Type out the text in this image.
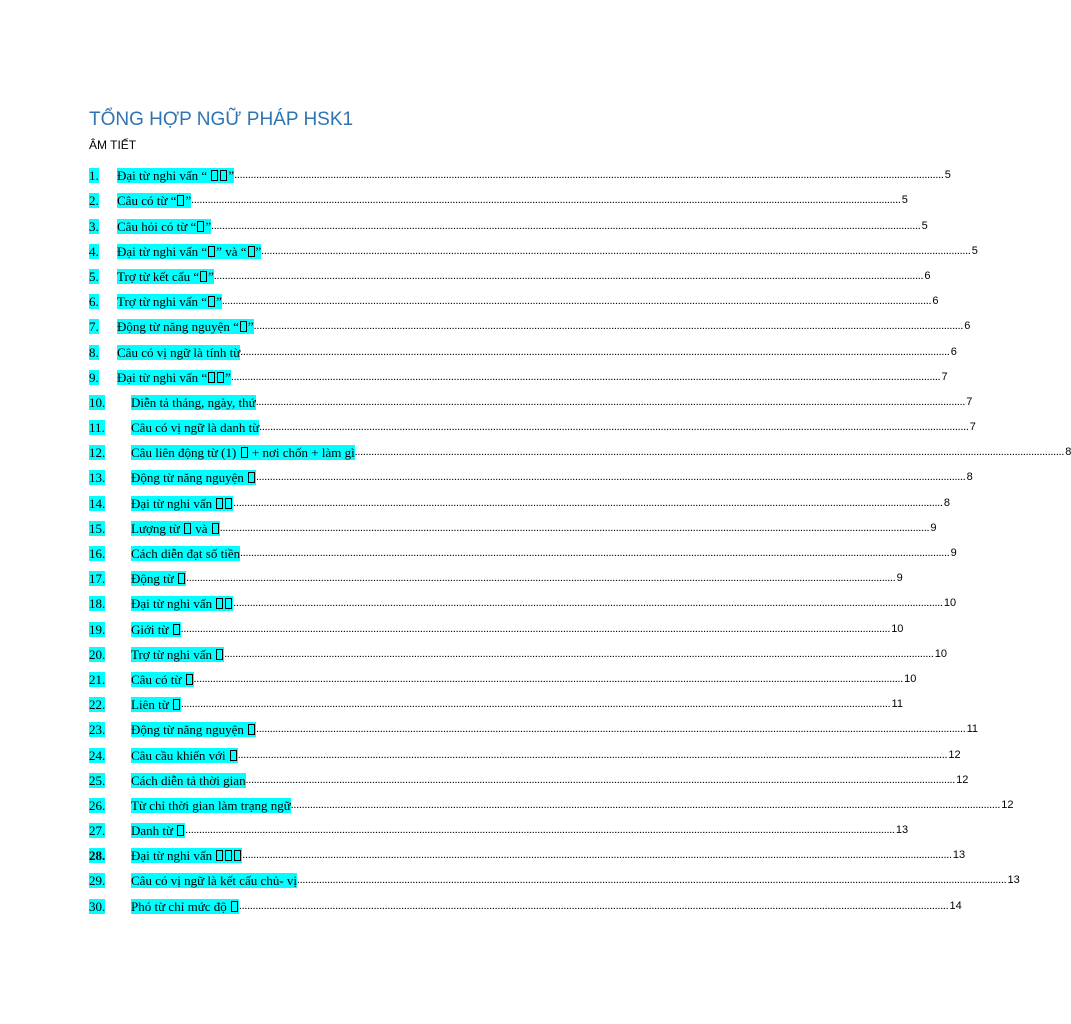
TỔNG HỢP NGỮ PHÁP HSK1
ÂM TIẾT
1.	Đại từ nghi vấn “ ” .....	5
2.	Câu có từ “ ” .....	5
3.	Câu hỏi có từ “ ” .....	5
4.	Đại từ nghi vấn “ ” và “ ” .....	5
5.	Trợ từ kết cấu “ ” .....	6
6.	Trợ từ nghi vấn “ ” .....	6
7.	Động từ năng nguyện “ ” .....	6
8.	Câu có vị ngữ là tính từ .....	6
9.	Đại từ nghi vấn “ ” .....	7
10.	Diễn tả tháng, ngày, thứ .....	7
11.	Câu có vị ngữ là danh từ .....	7
12.	Câu liên động từ (1) + nơi chốn + làm gì .....	8
13.	Động từ năng nguyện .....	8
14.	Đại từ nghi vấn .....	8
15.	Lượng từ và .....	9
16.	Cách diễn đạt số tiền .....	9
17.	Động từ .....	9
18.	Đại từ nghi vấn .....	10
19.	Giới từ .....	10
20.	Trợ từ nghi vấn .....	10
21.	Câu có từ .....	10
22.	Liên từ .....	11
23.	Động từ năng nguyện .....	11
24.	Câu cầu khiến với .....	12
25.	Cách diễn tả thời gian .....	12
26.	Từ chỉ thời gian làm trạng ngữ .....	12
27.	Danh từ .....	13
28.	Đại từ nghi vấn .....	13
29.	Câu có vị ngữ là kết cấu chủ- vị .....	13
30.	Phó từ chỉ mức độ .....	14
